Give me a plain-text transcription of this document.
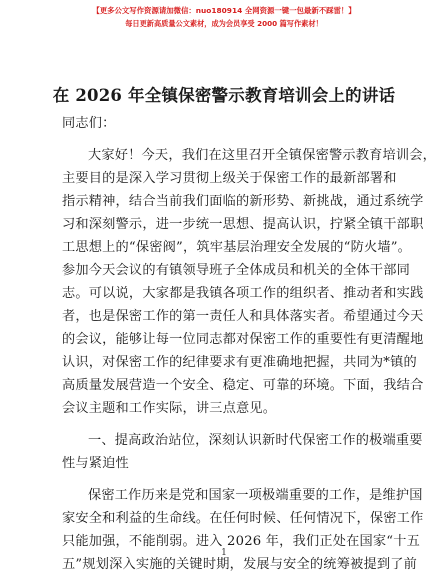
【更多公文写作资源请加微信：nuo180914 全网资源一键一包最新不踩雷！】
每日更新高质量公文素材，成为会员享受 2000 篇写作素材！
在 2026 年全镇保密警示教育培训会上的讲话
同志们：
大家好！今天，我们在这里召开全镇保密警示教育培训会，
主要目的是深入学习贯彻上级关于保密工作的最新部署和
指示精神，结合当前我们面临的新形势、新挑战，通过系统学
习和深刻警示，进一步统一思想、提高认识，拧紧全镇干部职
工思想上的“保密阀”，筑牢基层治理安全发展的“防火墙”。
参加今天会议的有镇领导班子全体成员和机关的全体干部同
志。可以说，大家都是我镇各项工作的组织者、推动者和实践
者，也是保密工作的第一责任人和具体落实者。希望通过今天
的会议，能够让每一位同志都对保密工作的重要性有更清醒地
认识，对保密工作的纪律要求有更准确地把握，共同为*镇的
高质量发展营造一个安全、稳定、可靠的环境。下面，我结合
会议主题和工作实际，讲三点意见。
一、提高政治站位，深刻认识新时代保密工作的极端重要
性与紧迫性
保密工作历来是党和国家一项极端重要的工作，是维护国
家安全和利益的生命线。在任何时候、任何情况下，保密工作
只能加强，不能削弱。进入 2026 年，我们正处在国家“十五
五”规划深入实施的关键时期，发展与安全的统筹被提到了前
1
